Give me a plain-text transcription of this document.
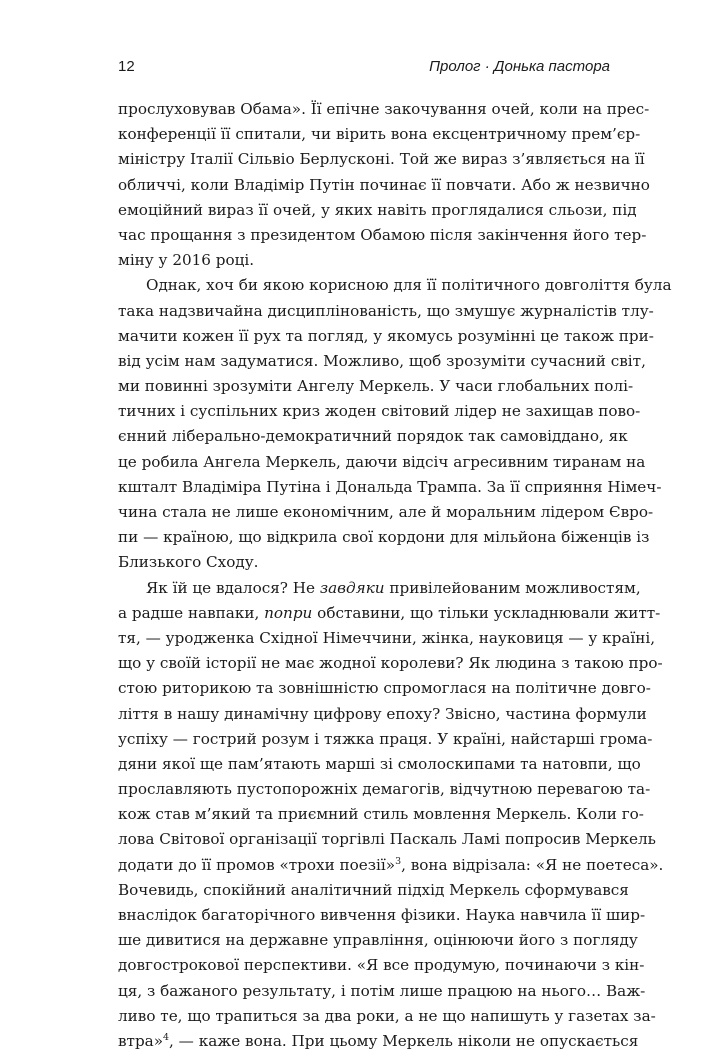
12	Пролог · Донька пастора
прослуховував Обама». Її епічне закочування очей, коли на прес-
конференції її спитали, чи вірить вона ексцентричному прем’єр-
міністру Італії Сільвіо Берлусконі. Той же вираз з’являється на її
обличчі, коли Владімір Путін починає її повчати. Або ж незвично
емоційний вираз її очей, у яких навіть проглядалися сльози, під
час прощання з президентом Обамою після закінчення його тер-
міну у 2016 році.
Однак, хоч би якою корисною для її політичного довголіття була
така надзвичайна дисциплінованість, що змушує журналістів тлу-
мачити кожен її рух та погляд, у якомусь розумінні це також при-
від усім нам задуматися. Можливо, щоб зрозуміти сучасний світ,
ми повинні зрозуміти Ангелу Меркель. У часи глобальних полі-
тичних і суспільних криз жоден світовий лідер не захищав пово-
єнний ліберально-демократичний порядок так самовіддано, як
це робила Ангела Меркель, даючи відсіч агресивним тиранам на
кшталт Владіміра Путіна і Дональда Трампа. За її сприяння Німеч-
чина стала не лише економічним, але й моральним лідером Євро-
пи — країною, що відкрила свої кордони для мільйона біженців із
Близького Сходу.
Як їй це вдалося? Не завдяки привілейованим можливостям,
а радше навпаки, попри обставини, що тільки ускладнювали житт-
тя, — уродженка Східної Німеччини, жінка, науковиця — у країні,
що у своїй історії не має жодної королеви? Як людина з такою про-
стою риторикою та зовнішністю спромоглася на політичне довго-
ліття в нашу динамічну цифрову епоху? Звісно, частина формули
успіху — гострий розум і тяжка праця. У країні, найстарші грома-
дяни якої ще пам’ятають марші зі смолоскипами та натовпи, що
прославляють пустопорожніх демагогів, відчутною перевагою та-
кож став м’який та приємний стиль мовлення Меркель. Коли го-
лова Світової організації торгівлі Паскаль Ламі попросив Меркель
додати до її промов «трохи поезії»$^3$, вона відрізала: «Я не поетеса».
Вочевидь, спокійний аналітичний підхід Меркель сформувався
внаслідок багаторічного вивчення фізики. Наука навчила її шир-
ше дивитися на державне управління, оцінюючи його з погляду
довгострокової перспективи. «Я все продумую, починаючи з кін-
ця, з бажаного результату, і потім лише працюю на нього… Важ-
ливо те, що трапиться за два роки, а не що напишуть у газетах за-
втра»$^4$, — каже вона. При цьому Меркель ніколи не опускається
